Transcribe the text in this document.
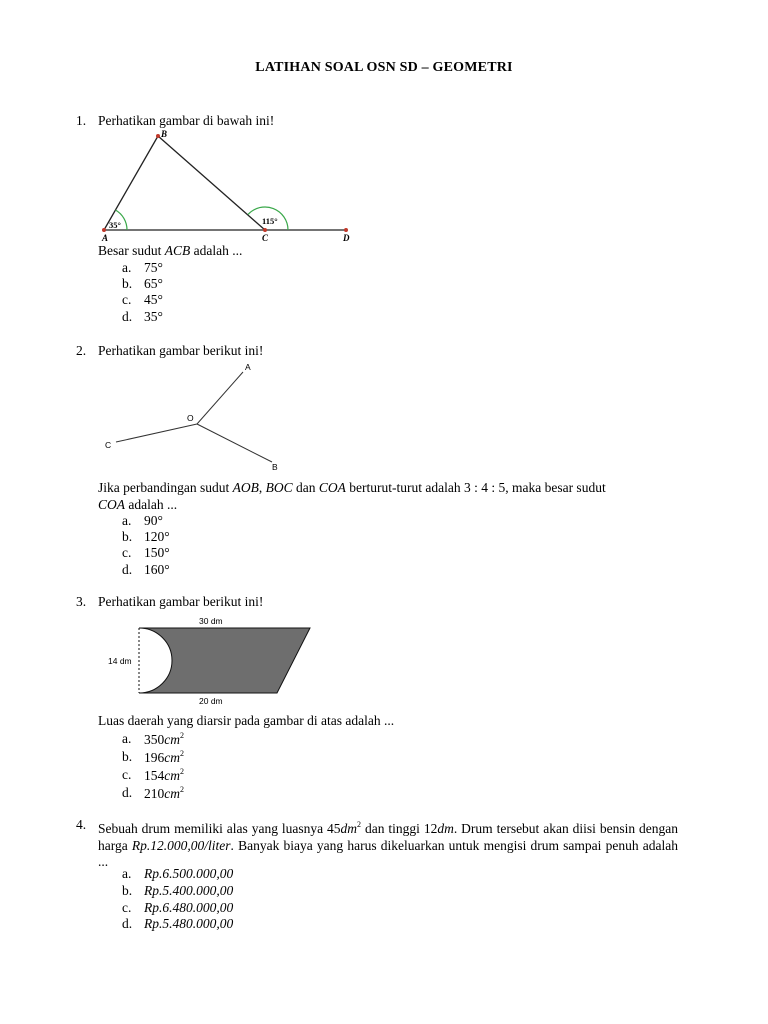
LATIHAN SOAL OSN SD – GEOMETRI
1. Perhatikan gambar di bawah ini!
B
A	C	D
35°	115°
Besar sudut ACB adalah ...
a. 75°
b. 65°
c. 45°
d. 35°
2. Perhatikan gambar berikut ini!
A
B
C
O
Jika perbandingan sudut AOB, BOC dan COA berturut-turut adalah 3 : 4 : 5, maka besar sudut
COA adalah ...
a. 90°
b. 120°
c. 150°
d. 160°
3. Perhatikan gambar berikut ini!
30 dm
14 dm
20 dm
Luas daerah yang diarsir pada gambar di atas adalah ...
a. $350cm^2$
b. $196cm^2$
c. $154cm^2$
d. $210cm^2$
4. Sebuah drum memiliki alas yang luasnya $45dm^2$ dan tinggi 12dm. Drum tersebut akan diisi bensin dengan harga Rp.12.000,00/liter. Banyak biaya yang harus dikeluarkan untuk mengisi drum sampai penuh adalah ...
a. Rp.6.500.000,00
b. Rp.5.400.000,00
c. Rp.6.480.000,00
d. Rp.5.480.000,00
